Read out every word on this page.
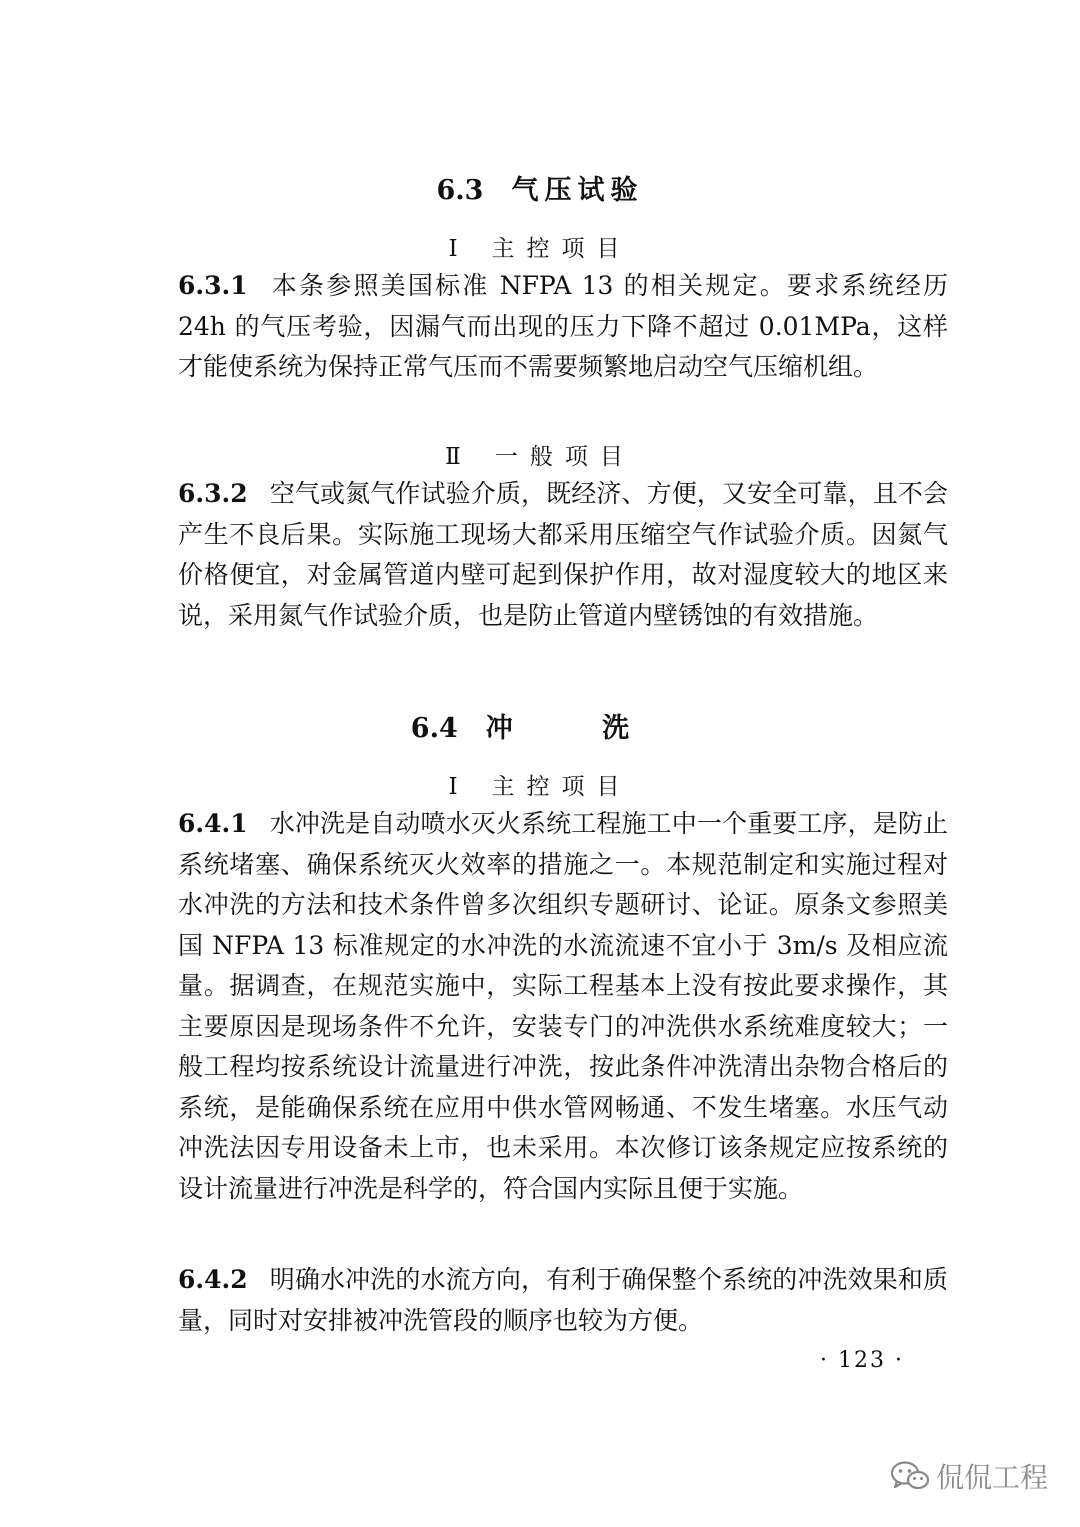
6.3 气压试验
Ⅰ 主控项目

6.3.1 本条参照美国标准 NFPA 13 的相关规定。要求系统经历 24h 的气压考验，因漏气而出现的压力下降不超过 0.01MPa，这样才能使系统为保持正常气压而不需要频繁地启动空气压缩机组。

Ⅱ 一般项目

6.3.2 空气或氮气作试验介质，既经济、方便，又安全可靠，且不会产生不良后果。实际施工现场大都采用压缩空气作试验介质。因氮气价格便宜，对金属管道内壁可起到保护作用，故对湿度较大的地区来说，采用氮气作试验介质，也是防止管道内壁锈蚀的有效措施。

6.4 冲 洗
Ⅰ 主控项目

6.4.1 水冲洗是自动喷水灭火系统工程施工中一个重要工序，是防止系统堵塞、确保系统灭火效率的措施之一。本规范制定和实施过程对水冲洗的方法和技术条件曾多次组织专题研讨、论证。原条文参照美国 NFPA 13 标准规定的水冲洗的水流流速不宜小于 3m/s 及相应流量。据调查，在规范实施中，实际工程基本上没有按此要求操作，其主要原因是现场条件不允许，安装专门的冲洗供水系统难度较大；一般工程均按系统设计流量进行冲洗，按此条件冲洗清出杂物合格后的系统，是能确保系统在应用中供水管网畅通、不发生堵塞。水压气动冲洗法因专用设备未上市，也未采用。本次修订该条规定应按系统的设计流量进行冲洗是科学的，符合国内实际且便于实施。

6.4.2 明确水冲洗的水流方向，有利于确保整个系统的冲洗效果和质量，同时对安排被冲洗管段的顺序也较为方便。

· 123 ·
侃侃工程
